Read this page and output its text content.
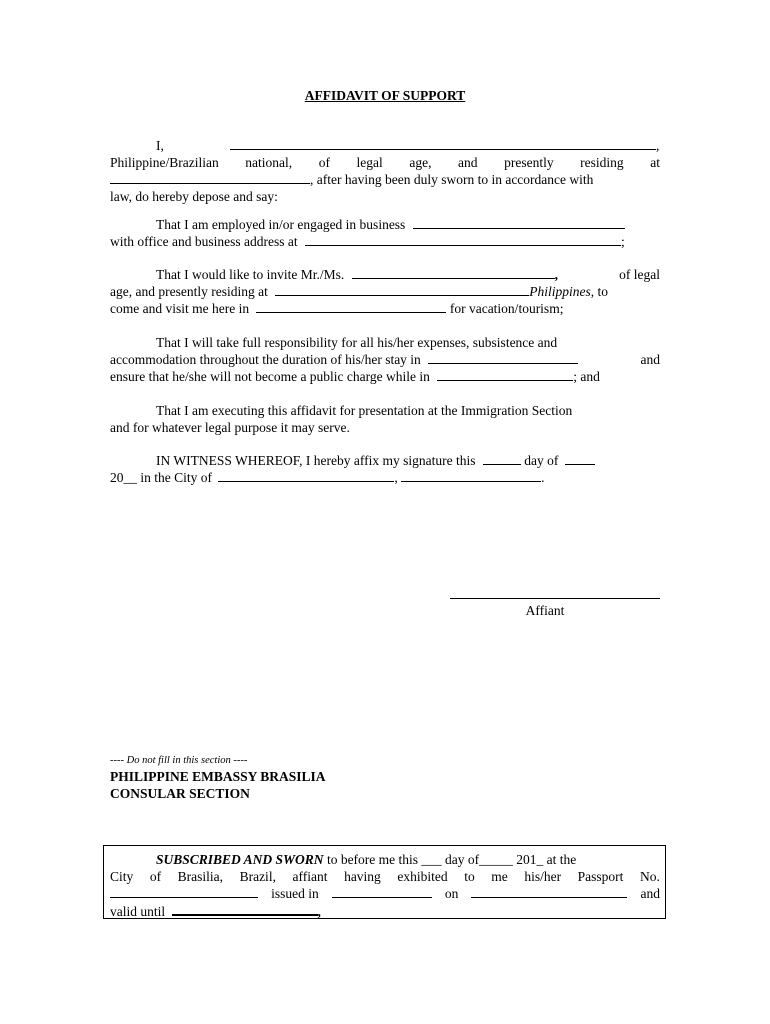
AFFIDAVIT OF SUPPORT
I,	,
Philippine/Brazilian national, of legal age, and presently residing at
, after having been duly sworn to in accordance with
law, do hereby depose and say:
That I am employed in/or engaged in business
with office and business address at	;
That I would like to invite Mr./Ms.	,	of legal
age, and presently residing at	Philippines, to
come and visit me here in	for vacation/tourism;
That I will take full responsibility for all his/her expenses, subsistence and
accommodation throughout the duration of his/her stay in	and
ensure that he/she will not become a public charge while in	; and
That I am executing this affidavit for presentation at the Immigration Section
and for whatever legal purpose it may serve.
IN WITNESS WHEREOF, I hereby affix my signature this	day of
20__ in the City of	,	.
Affiant
---- Do not fill in this section ----
PHILIPPINE EMBASSY BRASILIA
CONSULAR SECTION
SUBSCRIBED AND SWORN to before me this ___ day of_____ 201_ at the
City of Brasilia, Brazil, affiant having exhibited to me his/her Passport No.
issued in	on	and
valid until	,
